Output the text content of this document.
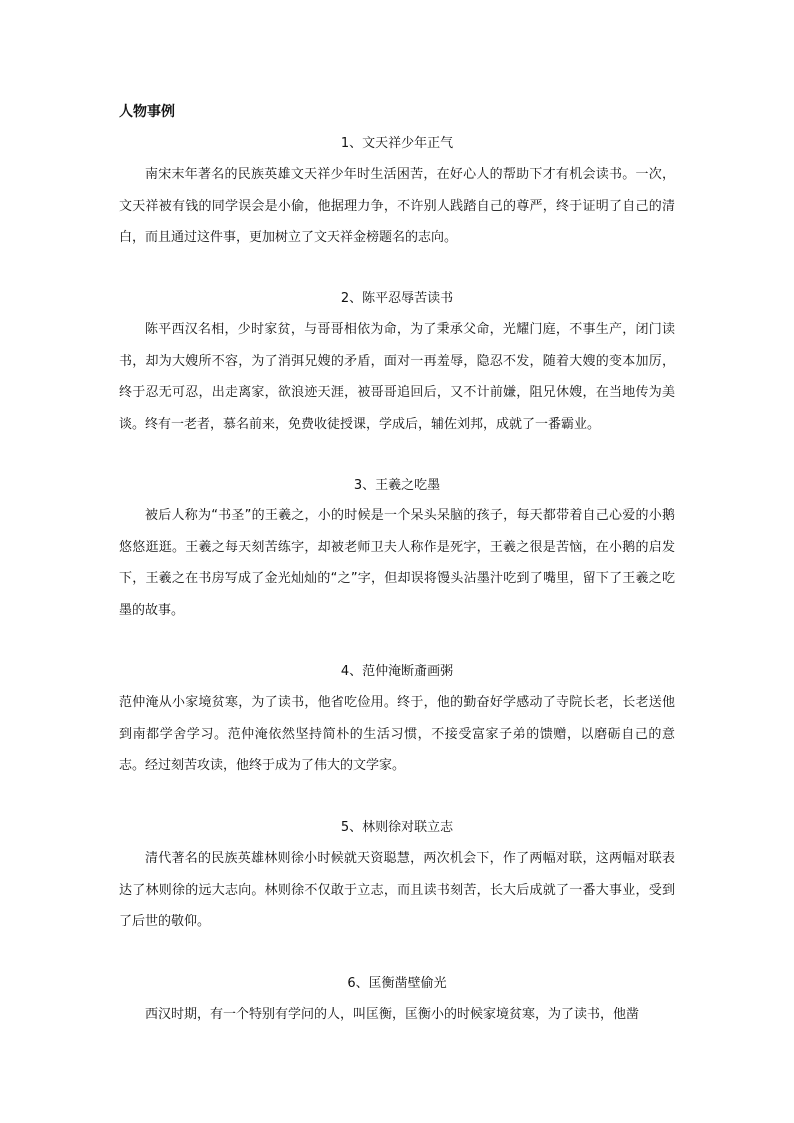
人物事例
1、文天祥少年正气

南宋末年著名的民族英雄文天祥少年时生活困苦，在好心人的帮助下才有机会读书。一次，文天祥被有钱的同学误会是小偷，他据理力争，不许别人践踏自己的尊严，终于证明了自己的清白，而且通过这件事，更加树立了文天祥金榜题名的志向。

2、陈平忍辱苦读书

陈平西汉名相，少时家贫，与哥哥相依为命，为了秉承父命，光耀门庭，不事生产，闭门读书，却为大嫂所不容，为了消弭兄嫂的矛盾，面对一再羞辱，隐忍不发，随着大嫂的变本加厉，终于忍无可忍，出走离家，欲浪迹天涯，被哥哥追回后，又不计前嫌，阻兄休嫂，在当地传为美谈。终有一老者，慕名前来，免费收徒授课，学成后，辅佐刘邦，成就了一番霸业。

3、王羲之吃墨

被后人称为“书圣”的王羲之，小的时候是一个呆头呆脑的孩子，每天都带着自己心爱的小鹅悠悠逛逛。王羲之每天刻苦练字，却被老师卫夫人称作是死字，王羲之很是苦恼，在小鹅的启发下，王羲之在书房写成了金光灿灿的“之”字，但却误将馒头沾墨汁吃到了嘴里，留下了王羲之吃墨的故事。

4、范仲淹断齑画粥

范仲淹从小家境贫寒，为了读书，他省吃俭用。终于，他的勤奋好学感动了寺院长老，长老送他到南都学舍学习。范仲淹依然坚持简朴的生活习惯，不接受富家子弟的馈赠，以磨砺自己的意志。经过刻苦攻读，他终于成为了伟大的文学家。

5、林则徐对联立志

清代著名的民族英雄林则徐小时候就天资聪慧，两次机会下，作了两幅对联，这两幅对联表达了林则徐的远大志向。林则徐不仅敢于立志，而且读书刻苦，长大后成就了一番大事业，受到了后世的敬仰。

6、匡衡凿壁偷光

西汉时期，有一个特别有学问的人，叫匡衡，匡衡小的时候家境贫寒，为了读书，他凿
